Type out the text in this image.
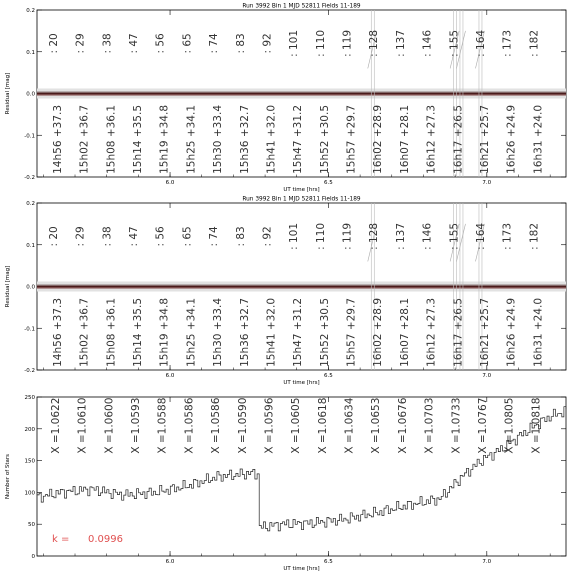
Run 3992 Bin 1 MJD 52811 Fields 11-189
-0.2
-0.1
0.0
0.1
0.2
6.0	6.5	7.0
UT time [hrs]
Residual [mag]
: 20
14h56 +37.3
: 29
15h02 +36.7
: 38
15h08 +36.1
: 47
15h14 +35.5
: 56
15h19 +34.8
: 65
15h25 +34.1
: 74
15h30 +33.4
: 83
15h36 +32.7
: 92
15h41 +32.0
: 101
15h47 +31.2
: 110
15h52 +30.5
: 119
15h57 +29.7
: 128
16h02 +28.9
: 137
16h07 +28.1
: 146
16h12 +27.3
: 155
16h17 +26.5
: 164
16h21 +25.7
: 173
16h26 +24.9
: 182
16h31 +24.0
Run 3992 Bin 1 MJD 52811 Fields 11-189
-0.2
-0.1
0.0
0.1
0.2
6.0	6.5	7.0
UT time [hrs]
Residual [mag]
: 20
14h56 +37.3
: 29
15h02 +36.7
: 38
15h08 +36.1
: 47
15h14 +35.5
: 56
15h19 +34.8
: 65
15h25 +34.1
: 74
15h30 +33.4
: 83
15h36 +32.7
: 92
15h41 +32.0
: 101
15h47 +31.2
: 110
15h52 +30.5
: 119
15h57 +29.7
: 128
16h02 +28.9
: 137
16h07 +28.1
: 146
16h12 +27.3
: 155
16h17 +26.5
: 164
16h21 +25.7
: 173
16h26 +24.9
: 182
16h31 +24.0
0
50
100
150
200
250
6.0	6.5	7.0
UT time [hrs]
Number of Stars
X =1.0622 X =1.0610 X =1.0600 X =1.0593 X =1.0588 X =1.0586 X =1.0586 X =1.0590 X =1.0596 X =1.0605 X =1.0618 X =1.0634 X =1.0653 X =1.0676 X =1.0703 X =1.0733 X =1.0767 X =1.0805 X =1.0818
k = 0.0996
